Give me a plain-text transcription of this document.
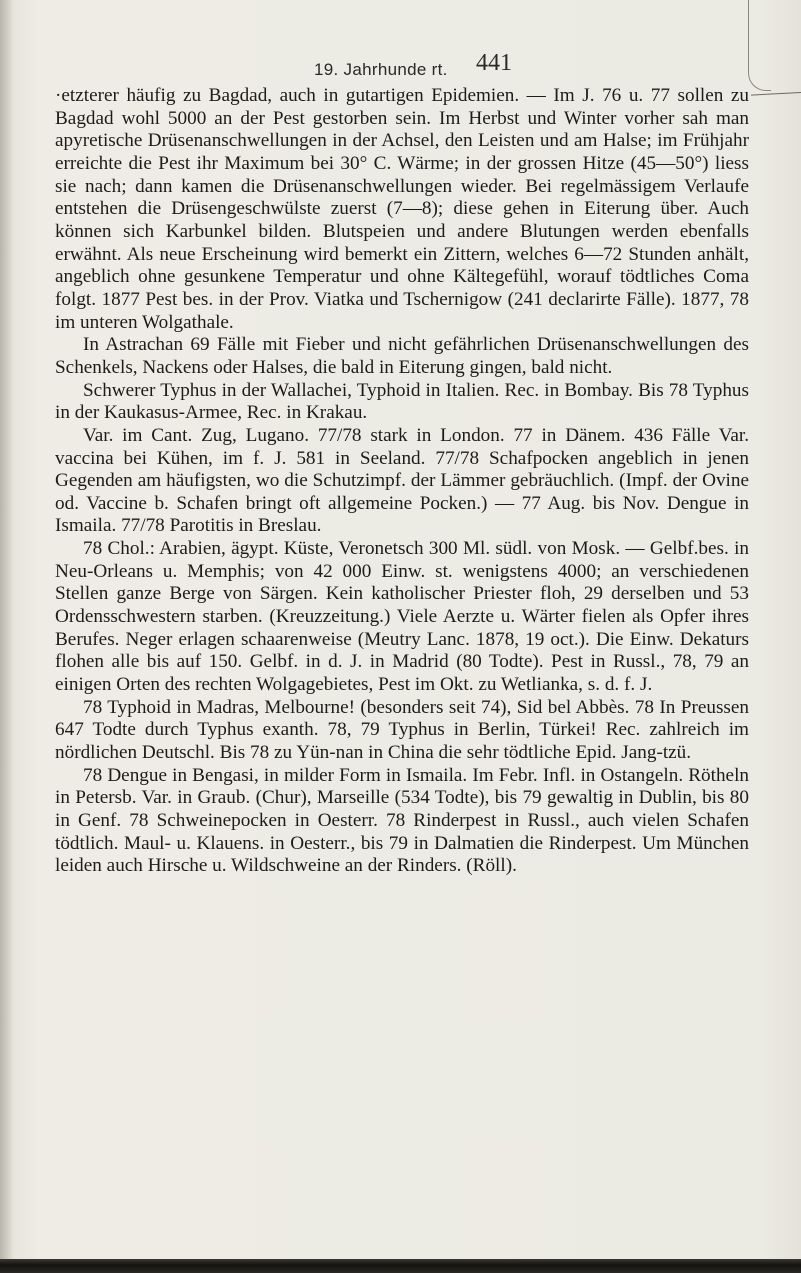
19. Jahrhunde rt. 441

·etzterer häufig zu Bagdad, auch in gutartigen Epidemien. — Im J. 76 u. 77 sollen zu Bagdad wohl 5000 an der Pest gestorben sein. Im Herbst und Winter vorher sah man apyretische Drüsenanschwellungen in der Achsel, den Leisten und am Halse; im Frühjahr erreichte die Pest ihr Maximum bei 30° C. Wärme; in der grossen Hitze (45—50°) liess sie nach; dann kamen die Drüsenanschwellungen wieder. Bei regelmässigem Verlaufe entstehen die Drüsengeschwülste zuerst (7—8); diese gehen in Eiterung über. Auch können sich Karbunkel bilden. Blutspeien und andere Blutungen werden ebenfalls erwähnt. Als neue Erscheinung wird bemerkt ein Zittern, welches 6—72 Stunden anhält, angeblich ohne gesunkene Temperatur und ohne Kältegefühl, worauf tödtliches Coma folgt. 1877 Pest bes. in der Prov. Viatka und Tschernigow (241 declarirte Fälle). 1877, 78 im unteren Wolgathale.

In Astrachan 69 Fälle mit Fieber und nicht gefährlichen Drüsenanschwellungen des Schenkels, Nackens oder Halses, die bald in Eiterung gingen, bald nicht.

Schwerer Typhus in der Wallachei, Typhoid in Italien. Rec. in Bombay. Bis 78 Typhus in der Kaukasus-Armee, Rec. in Krakau.

Var. im Cant. Zug, Lugano. 77/78 stark in London. 77 in Dänem. 436 Fälle Var. vaccina bei Kühen, im f. J. 581 in Seeland. 77/78 Schafpocken angeblich in jenen Gegenden am häufigsten, wo die Schutzimpf. der Lämmer gebräuchlich. (Impf. der Ovine od. Vaccine b. Schafen bringt oft allgemeine Pocken.) — 77 Aug. bis Nov. Dengue in Ismaila. 77/78 Parotitis in Breslau.

78 Chol.: Arabien, ägypt. Küste, Veronetsch 300 Ml. südl. von Mosk. — Gelbf.bes. in Neu-Orleans u. Memphis; von 42 000 Einw. st. wenigstens 4000; an verschiedenen Stellen ganze Berge von Särgen. Kein katholischer Priester floh, 29 derselben und 53 Ordensschwestern starben. (Kreuzzeitung.) Viele Aerzte u. Wärter fielen als Opfer ihres Berufes. Neger erlagen schaarenweise (Meutry Lanc. 1878, 19 oct.). Die Einw. Dekaturs flohen alle bis auf 150. Gelbf. in d. J. in Madrid (80 Todte). Pest in Russl., 78, 79 an einigen Orten des rechten Wolgagebietes, Pest im Okt. zu Wetlianka, s. d. f. J.

78 Typhoid in Madras, Melbourne! (besonders seit 74), Sid bel Abbès. 78 In Preussen 647 Todte durch Typhus exanth. 78, 79 Typhus in Berlin, Türkei! Rec. zahlreich im nördlichen Deutschl. Bis 78 zu Yün-nan in China die sehr tödtliche Epid. Jang-tzü.

78 Dengue in Bengasi, in milder Form in Ismaila. Im Febr. Infl. in Ostangeln. Rötheln in Petersb. Var. in Graub. (Chur), Marseille (534 Todte), bis 79 gewaltig in Dublin, bis 80 in Genf. 78 Schweinepocken in Oesterr. 78 Rinderpest in Russl., auch vielen Schafen tödtlich. Maul- u. Klauens. in Oesterr., bis 79 in Dalmatien die Rinderpest. Um München leiden auch Hirsche u. Wildschweine an der Rinders. (Röll).
